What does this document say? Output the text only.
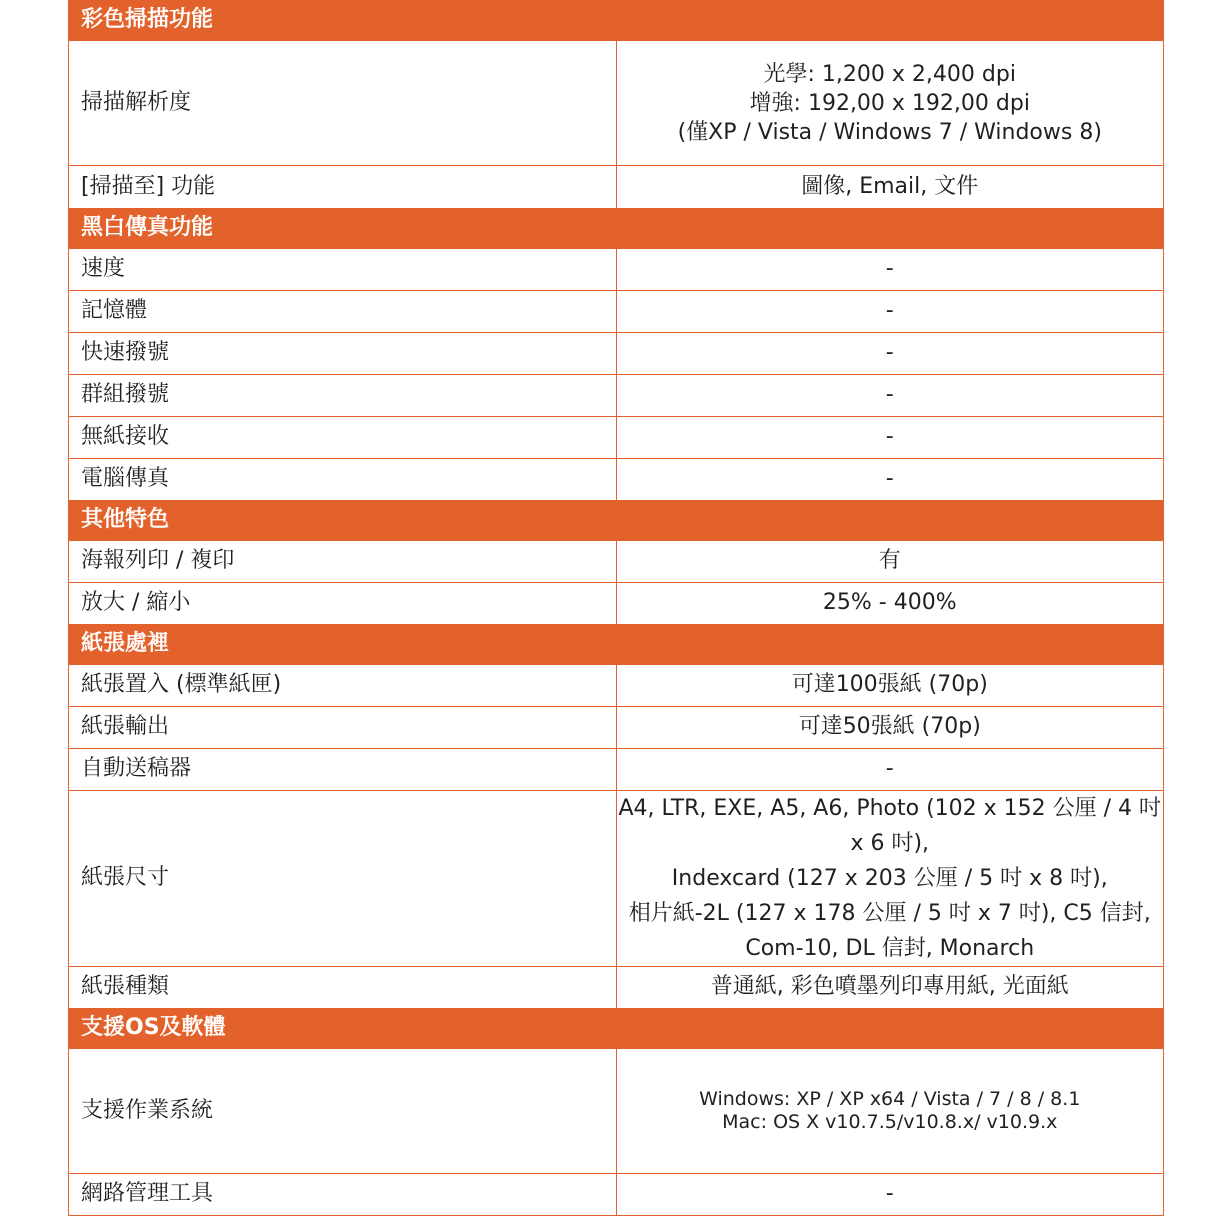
彩色掃描功能	
掃描解析度	光學: 1,200 x 2,400 dpi
增強: 192,00 x 192,00 dpi
(僅XP / Vista / Windows 7 / Windows 8)

[掃描至] 功能	圖像, Email, 文件

黑白傳真功能	
速度	-

記憶體	-

快速撥號	-

群組撥號	-

無紙接收	-

電腦傳真	-

其他特色	
海報列印 / 複印	有

放大 / 縮小	25% - 400%

紙張處裡	
紙張置入 (標準紙匣)	可達100張紙 (70p)

紙張輸出	可達50張紙 (70p)

自動送稿器	-

紙張尺寸	A4, LTR, EXE, A5, A6, Photo (102 x 152 公厘 / 4 吋 x 6 吋),
Indexcard (127 x 203 公厘 / 5 吋 x 8 吋),
相片紙-2L (127 x 178 公厘 / 5 吋 x 7 吋), C5 信封,
Com-10, DL 信封, Monarch

紙張種類	普通紙, 彩色噴墨列印專用紙, 光面紙

支援OS及軟體	
支援作業系統	Windows: XP / XP x64 / Vista / 7 / 8 / 8.1
Mac: OS X v10.7.5/v10.8.x/ v10.9.x

網路管理工具	-
